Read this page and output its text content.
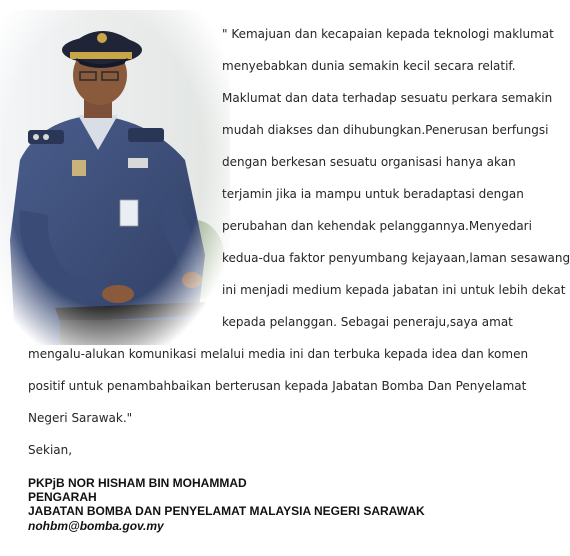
" Kemajuan dan kecapaian kepada teknologi maklumat
menyebabkan dunia semakin kecil secara relatif.
Maklumat dan data terhadap sesuatu perkara semakin
mudah diakses dan dihubungkan.Penerusan berfungsi
dengan berkesan sesuatu organisasi hanya akan
terjamin jika ia mampu untuk beradaptasi dengan
perubahan dan kehendak pelanggannya.Menyedari
kedua-dua faktor penyumbang kejayaan,laman sesawang
ini menjadi medium kepada jabatan ini untuk lebih dekat
kepada pelanggan. Sebagai peneraju,saya amat
mengalu-alukan komunikasi melalui media ini dan terbuka kepada idea dan komen
positif untuk penambahbaikan berterusan kepada Jabatan Bomba Dan Penyelamat
Negeri Sarawak."
Sekian,
PKPjB NOR HISHAM BIN MOHAMMAD
PENGARAH
JABATAN BOMBA DAN PENYELAMAT MALAYSIA NEGERI SARAWAK
nohbm@bomba.gov.my
